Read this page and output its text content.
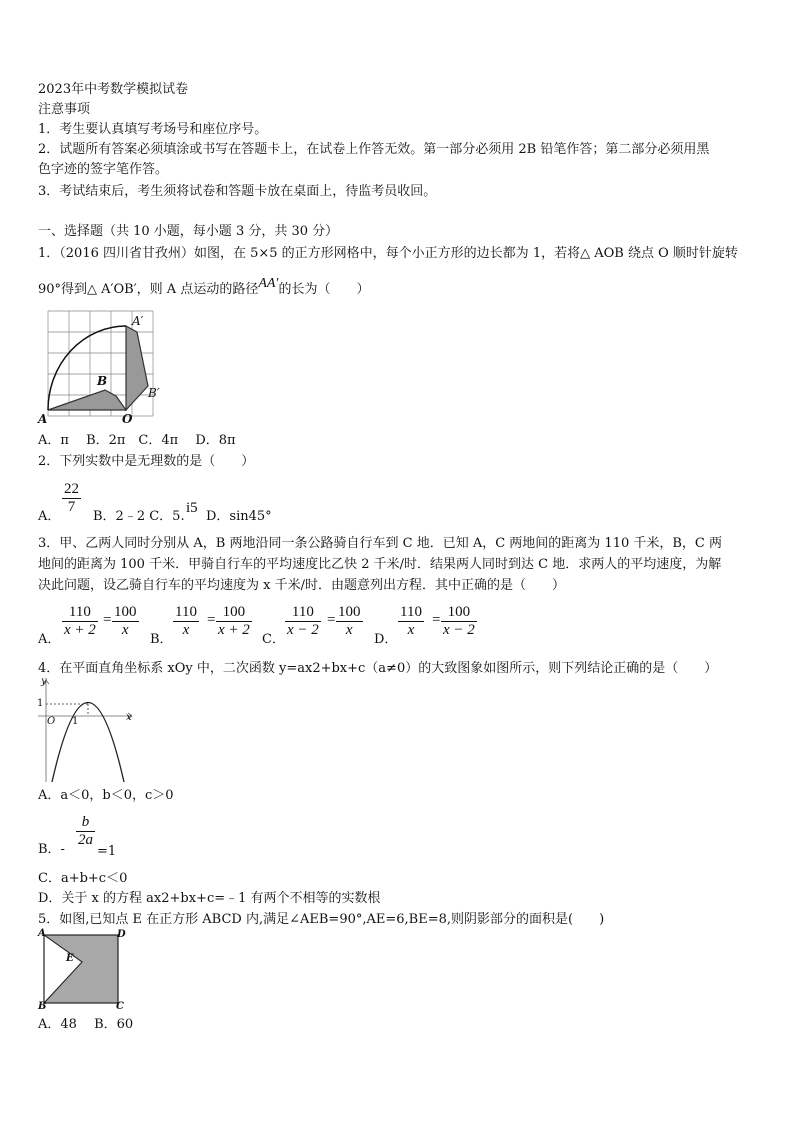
2023年中考数学模拟试卷
注意事项
1．考生要认真填写考场号和座位序号。
2．试题所有答案必须填涂或书写在答题卡上，在试卷上作答无效。第一部分必须用 2B 铅笔作答；第二部分必须用黑
色字迹的签字笔作答。
3．考试结束后，考生须将试卷和答题卡放在桌面上，待监考员收回。
一、选择题（共 10 小题，每小题 3 分，共 30 分）
1．（2016 四川省甘孜州）如图，在 5×5 的正方形网格中，每个小正方形的边长都为 1，若将△ AOB 绕点 O 顺时针旋转
90°得到△ A′OB′，则 A 点运动的路径AA′的长为（　　）
A′
B
B′
A	O
A．π　 B．2π　C．4π　 D．8π
2．下列实数中是无理数的是（　　）
$\frac{22}{7}$
A．	B．2﹣2 C．5.
i5
D．sin45°
3．甲、乙两人同时分别从 A，B 两地沿同一条公路骑自行车到 C 地．已知 A，C 两地间的距离为 110 千米，B，C 两
地间的距离为 100 千米．甲骑自行车的平均速度比乙快 2 千米/时．结果两人同时到达 C 地．求两人的平均速度，为解
决此问题，设乙骑自行车的平均速度为 x 千米/时．由题意列出方程．其中正确的是（　　）
A．
$\frac{110}{x + 2} = \frac{100}{x}$
B．
$\frac{110}{x} = \frac{100}{x + 2}$
C．
$\frac{110}{x - 2} = \frac{100}{x}$
D．
$\frac{110}{x} = \frac{100}{x - 2}$
4．在平面直角坐标系 xOy 中，二次函数 y=ax2+bx+c（a≠0）的大致图象如图所示，则下列结论正确的是（　　）
y
1
O 1	x
A．a＜0，b＜0，c＞0
B．-
$\frac{b}{2a}$
=1
C．a+b+c＜0
D．关于 x 的方程 ax2+bx+c=﹣1 有两个不相等的实数根
5．如图,已知点 E 在正方形 ABCD 内,满足∠AEB=90°,AE=6,BE=8,则阴影部分的面积是(　　)
A	D
E
B	C
A．48　 B．60
